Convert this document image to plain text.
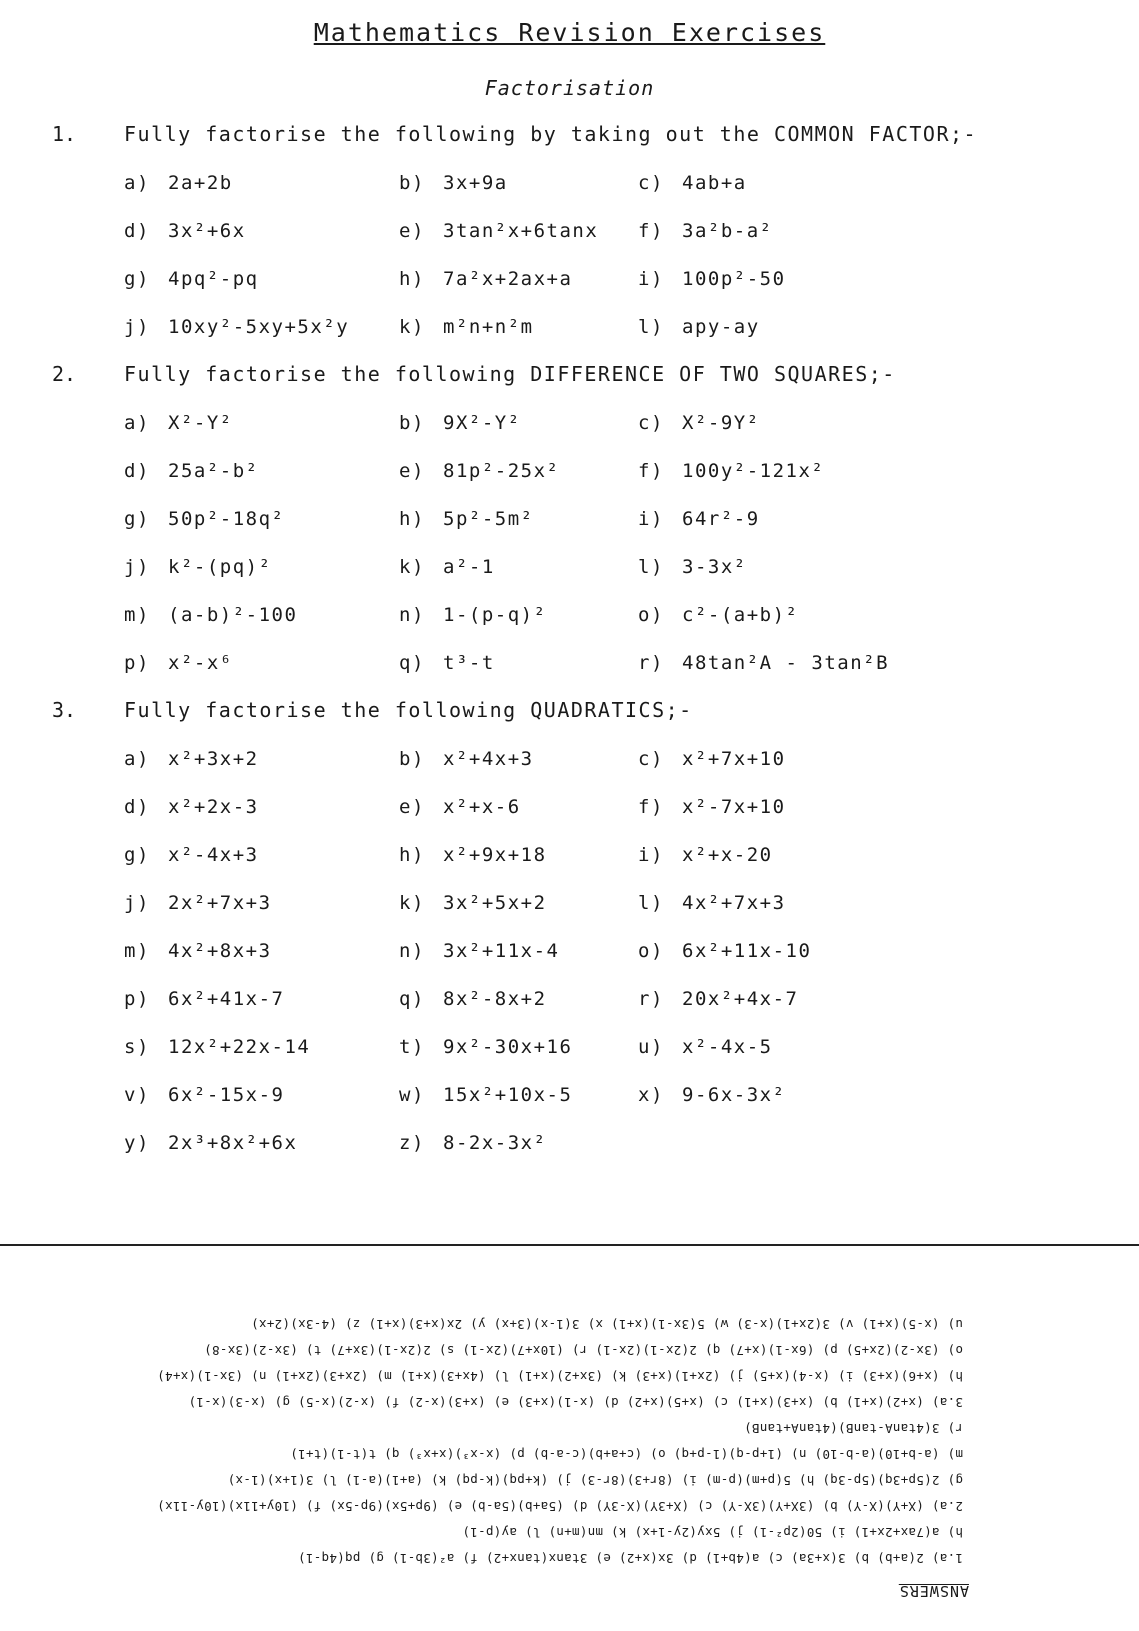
Mathematics Revision Exercises
Factorisation
1. Fully factorise the following by taking out the COMMON FACTOR;-
a) 2a+2b	b) 3x+9a	c) 4ab+a
d) 3x²+6x	e) 3tan²x+6tanx f) 3a²b-a²
g) 4pq²-pq	h) 7a²x+2ax+a	i) 100p²-50
j) 10xy²-5xy+5x²y	k) m²n+n²m	l) apy-ay
2. Fully factorise the following DIFFERENCE OF TWO SQUARES;-
a) X²-Y²	b) 9X²-Y²	c) X²-9Y²
d) 25a²-b²	e) 81p²-25x²	f) 100y²-121x²
g) 50p²-18q²	h) 5p²-5m²	i) 64r²-9
j) k²-(pq)²	k) a²-1	l) 3-3x²
m) (a-b)²-100	n) 1-(p-q)²	o) c²-(a+b)²
p) x²-x⁶	q) t³-t	r) 48tan²A - 3tan²B
3. Fully factorise the following QUADRATICS;-
a) x²+3x+2	b) x²+4x+3	c) x²+7x+10
d) x²+2x-3	e) x²+x-6	f) x²-7x+10
g) x²-4x+3	h) x²+9x+18	i) x²+x-20
j) 2x²+7x+3	k) 3x²+5x+2	l) 4x²+7x+3
m) 4x²+8x+3	n) 3x²+11x-4	o) 6x²+11x-10
p) 6x²+41x-7	q) 8x²-8x+2	r) 20x²+4x-7
s) 12x²+22x-14	t) 9x²-30x+16	u) x²-4x-5
v) 6x²-15x-9	w) 15x²+10x-5	x) 9-6x-3x²
y) 2x³+8x²+6x	z) 8-2x-3x²
ANSWERS
1.a) 2(a+b) b) 3(x+3a) c) a(4b+1) d) 3x(x+2) e) 3tanx(tanx+2) f) a²(3b-1) g) pq(4q-1)
h) a(7ax+2x+1) i) 50(2p²-1) j) 5xy(2y-1+x) k) mn(m+n) l) ay(p-1)
2.a) (X+Y)(X-Y) b) (3X+Y)(3X-Y) c) (X+3Y)(X-3Y) d) (5a+b)(5a-b) e) (9p+5x)(9p-5x) f) (10y+11x)(10y-11x)
g) 2(5p+3q)(5p-3q) h) 5(p+m)(p-m) i) (8r+3)(8r-3) j) (k+pq)(k-pq) k) (a+1)(a-1) l) 3(1+x)(1-x)
m) (a-b+10)(a-b-10) n) (1+p-q)(1-p+q) o) (c+a+b)(c-a-b) p) (x-x³)(x+x³) q) t(t-1)(t+1)
r) 3(4tanA-tanB)(4tanA+tanB)
3.a) (x+2)(x+1) b) (x+3)(x+1) c) (x+5)(x+2) d) (x-1)(x+3) e) (x+3)(x-2) f) (x-2)(x-5) g) (x-3)(x-1)
h) (x+6)(x+3) i) (x-4)(x+5) j) (2x+1)(x+3) k) (3x+2)(x+1) l) (4x+3)(x+1) m) (2x+3)(2x+1) n) (3x-1)(x+4)
o) (3x-2)(2x+5) p) (6x-1)(x+7) q) 2(2x-1)(2x-1) r) (10x+7)(2x-1) s) 2(2x-1)(3x+7) t) (3x-2)(3x-8)
u) (x-5)(x+1) v) 3(2x+1)(x-3) w) 5(3x-1)(x+1) x) 3(1-x)(3+x) y) 2x(x+3)(x+1) z) (4-3x)(2+x)
